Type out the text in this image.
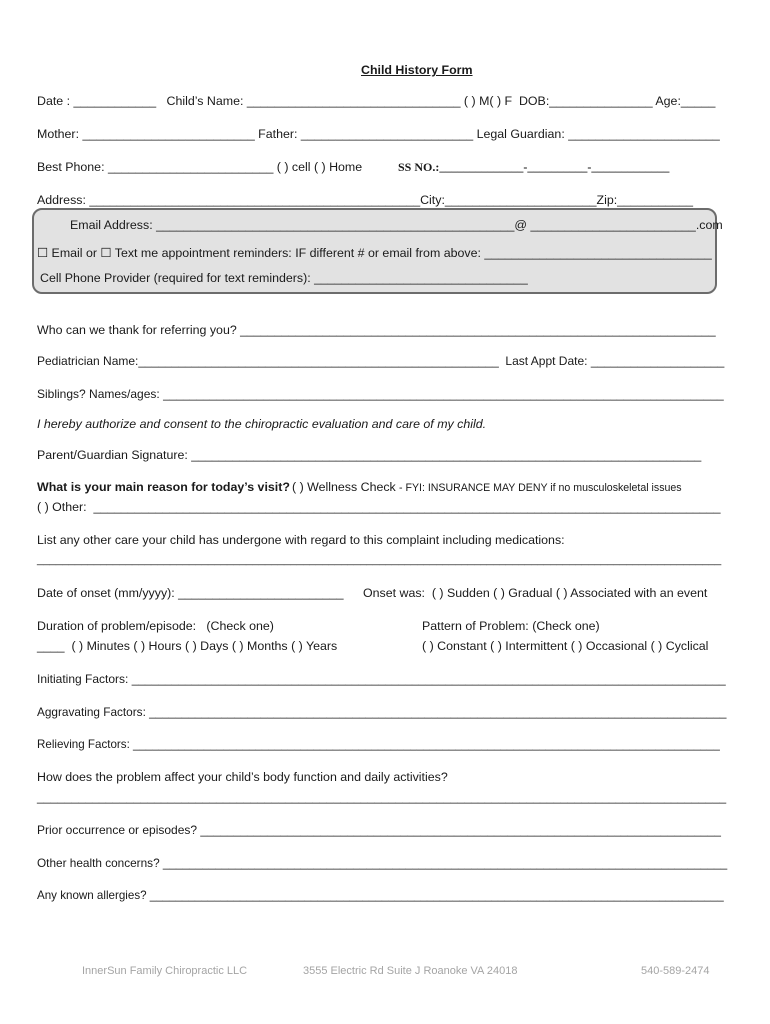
Child History Form
Date : ____________   Child’s Name: _______________________________ ( ) M( ) F  DOB:_______________ Age:_____
Mother: _________________________ Father: _________________________ Legal Guardian: ______________________
Best Phone: ________________________ ( ) cell ( ) Home	SS NO.:______________-__________-_____________
Address: ________________________________________________City:______________________Zip:___________
Email Address: ____________________________________________________@ ________________________.com
☐ Email or ☐ Text me appointment reminders: IF different # or email from above: _________________________________
Cell Phone Provider (required for text reminders): _______________________________
Who can we thank for referring you? _____________________________________________________________________
Pediatrician Name:______________________________________________________  Last Appt Date: ____________________
Siblings? Names/ages: ____________________________________________________________________________________
I hereby authorize and consent to the chiropractic evaluation and care of my child.
Parent/Guardian Signature: __________________________________________________________________________
What is your main reason for today’s visit? ( ) Wellness Check - FYI: INSURANCE MAY DENY if no musculoskeletal issues
( ) Other:  ___________________________________________________________________________________________
List any other care your child has undergone with regard to this complaint including medications:
____________________________________________________________________________________________________________
Date of onset (mm/yyyy): ________________________ Onset was:  ( ) Sudden ( ) Gradual ( ) Associated with an event
Duration of problem/episode:   (Check one)
____  ( ) Minutes ( ) Hours ( ) Days ( ) Months ( ) Years
Pattern of Problem: (Check one)
( ) Constant ( ) Intermittent ( ) Occasional ( ) Cyclical
Initiating Factors: _________________________________________________________________________________________
Aggravating Factors: ________________________________________________________________________________________
Relieving Factors: ___________________________________________________________________________________________
How does the problem affect your child’s body function and daily activities?
____________________________________________________________________________________________________
Prior occurrence or episodes? ______________________________________________________________________________
Other health concerns? ______________________________________________________________________________________
Any known allergies? _________________________________________________________________________________________
InnerSun Family Chiropractic LLC	3555 Electric Rd Suite J Roanoke VA 24018	540-589-2474
